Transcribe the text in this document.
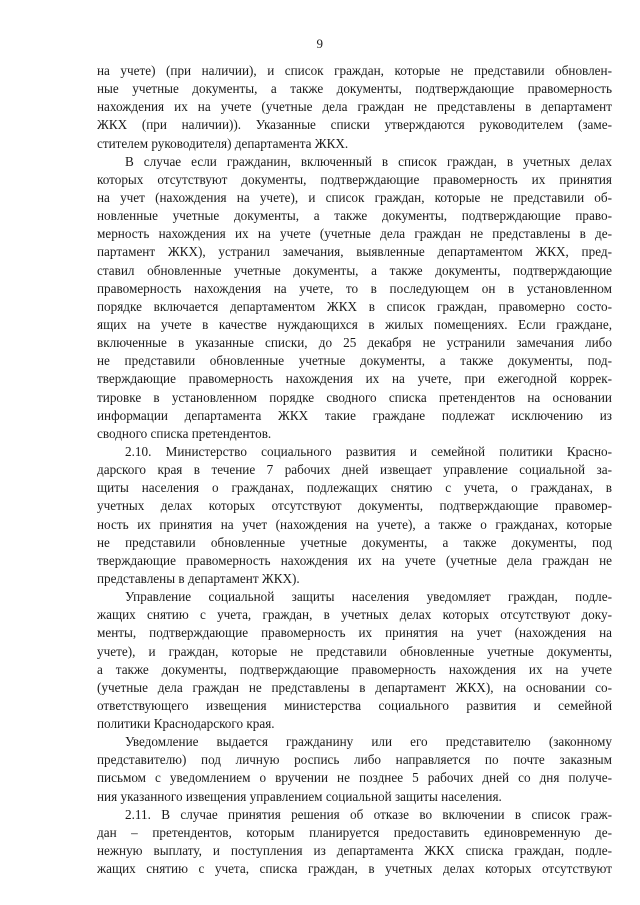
9
на учете) (при наличии), и список граждан, которые не представили обновлен-
ные учетные документы, а также документы, подтверждающие правомерность
нахождения их на учете (учетные дела граждан не представлены в департамент
ЖКХ (при наличии)). Указанные списки утверждаются руководителем (заме-
стителем руководителя) департамента ЖКХ.
В случае если гражданин, включенный в список граждан, в учетных делах
которых отсутствуют документы, подтверждающие правомерность их принятия
на учет (нахождения на учете), и список граждан, которые не представили об-
новленные учетные документы, а также документы, подтверждающие право-
мерность нахождения их на учете (учетные дела граждан не представлены в де-
партамент ЖКХ), устранил замечания, выявленные департаментом ЖКХ, пред-
ставил обновленные учетные документы, а также документы, подтверждающие
правомерность нахождения на учете, то в последующем он в установленном
порядке включается департаментом ЖКХ в список граждан, правомерно состо-
ящих на учете в качестве нуждающихся в жилых помещениях. Если граждане,
включенные в указанные списки, до 25 декабря не устранили замечания либо
не представили обновленные учетные документы, а также документы, под-
тверждающие правомерность нахождения их на учете, при ежегодной коррек-
тировке в установленном порядке сводного списка претендентов на основании
информации департамента ЖКХ такие граждане подлежат исключению из
сводного списка претендентов.
2.10. Министерство социального развития и семейной политики Красно-
дарского края в течение 7 рабочих дней извещает управление социальной за-
щиты населения о гражданах, подлежащих снятию с учета, о гражданах, в
учетных делах которых отсутствуют документы, подтверждающие правомер-
ность их принятия на учет (нахождения на учете), а также о гражданах, которые
не представили обновленные учетные документы, а также документы, под
тверждающие правомерность нахождения их на учете (учетные дела граждан не
представлены в департамент ЖКХ).
Управление социальной защиты населения уведомляет граждан, подле-
жащих снятию с учета, граждан, в учетных делах которых отсутствуют доку-
менты, подтверждающие правомерность их принятия на учет (нахождения на
учете), и граждан, которые не представили обновленные учетные документы,
а также документы, подтверждающие правомерность нахождения их на учете
(учетные дела граждан не представлены в департамент ЖКХ), на основании со-
ответствующего извещения министерства социального развития и семейной
политики Краснодарского края.
Уведомление выдается гражданину или его представителю (законному
представителю) под личную роспись либо направляется по почте заказным
письмом с уведомлением о вручении не позднее 5 рабочих дней со дня получе-
ния указанного извещения управлением социальной защиты населения.
2.11. В случае принятия решения об отказе во включении в список граж-
дан – претендентов, которым планируется предоставить единовременную де-
нежную выплату, и поступления из департамента ЖКХ списка граждан, подле-
жащих снятию с учета, списка граждан, в учетных делах которых отсутствуют
